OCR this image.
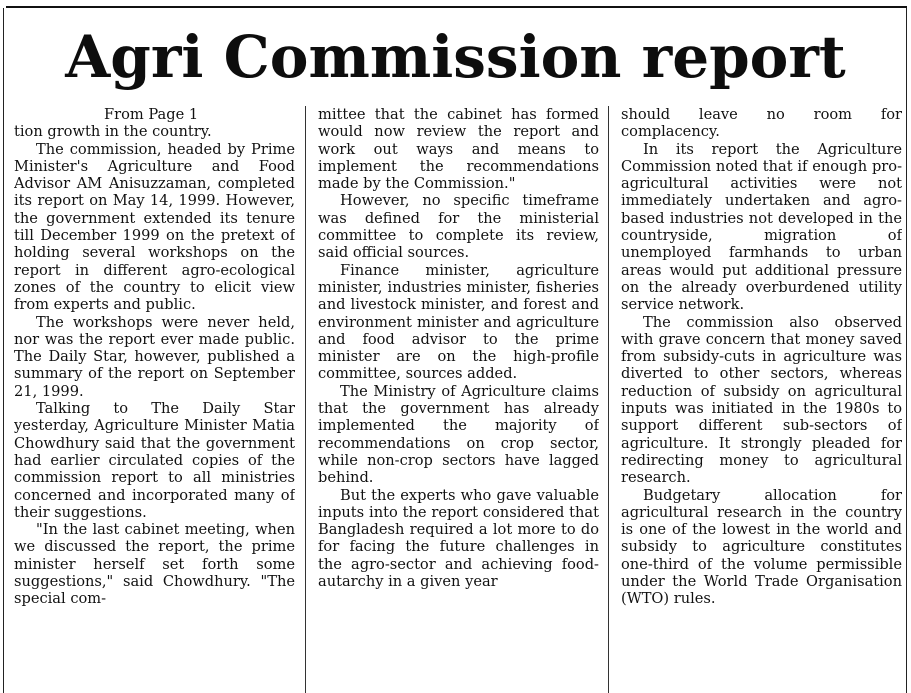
Agri Commission report

From Page 1

tion growth in the country.

The commission, headed by Prime Minister's Agriculture and Food Advisor AM Anisuzzaman, completed its report on May 14, 1999. However, the government extended its tenure till December 1999 on the pretext of holding several workshops on the report in different agro-ecological zones of the country to elicit view from experts and public.

The workshops were never held, nor was the report ever made public. The Daily Star, however, published a summary of the report on September 21, 1999.

Talking to The Daily Star yesterday, Agriculture Minister Matia Chowdhury said that the government had earlier circulated copies of the commission report to all ministries concerned and incorporated many of their suggestions.

"In the last cabinet meeting, when we discussed the report, the prime minister herself set forth some suggestions," said Chowdhury. "The special com-

mittee that the cabinet has formed would now review the report and work out ways and means to implement the recommendations made by the Commission."

However, no specific timeframe was defined for the ministerial committee to complete its review, said official sources.

Finance minister, agriculture minister, industries minister, fisheries and livestock minister, and forest and environment minister and agriculture and food advisor to the prime minister are on the high-profile committee, sources added.

The Ministry of Agriculture claims that the government has already implemented the majority of recommendations on crop sector, while non-crop sectors have lagged behind.

But the experts who gave valuable inputs into the report considered that Bangladesh required a lot more to do for facing the future challenges in the agro-sector and achieving food-autarchy in a given year

should leave no room for complacency.

In its report the Agriculture Commission noted that if enough pro-agricultural activities were not immediately undertaken and agro-based industries not developed in the countryside, migration of unemployed farmhands to urban areas would put additional pressure on the already overburdened utility service network.

The commission also observed with grave concern that money saved from subsidy-cuts in agriculture was diverted to other sectors, whereas reduction of subsidy on agricultural inputs was initiated in the 1980s to support different sub-sectors of agriculture. It strongly pleaded for redirecting money to agricultural research.

Budgetary allocation for agricultural research in the country is one of the lowest in the world and subsidy to agriculture constitutes one-third of the volume permissible under the World Trade Organisation (WTO) rules.
